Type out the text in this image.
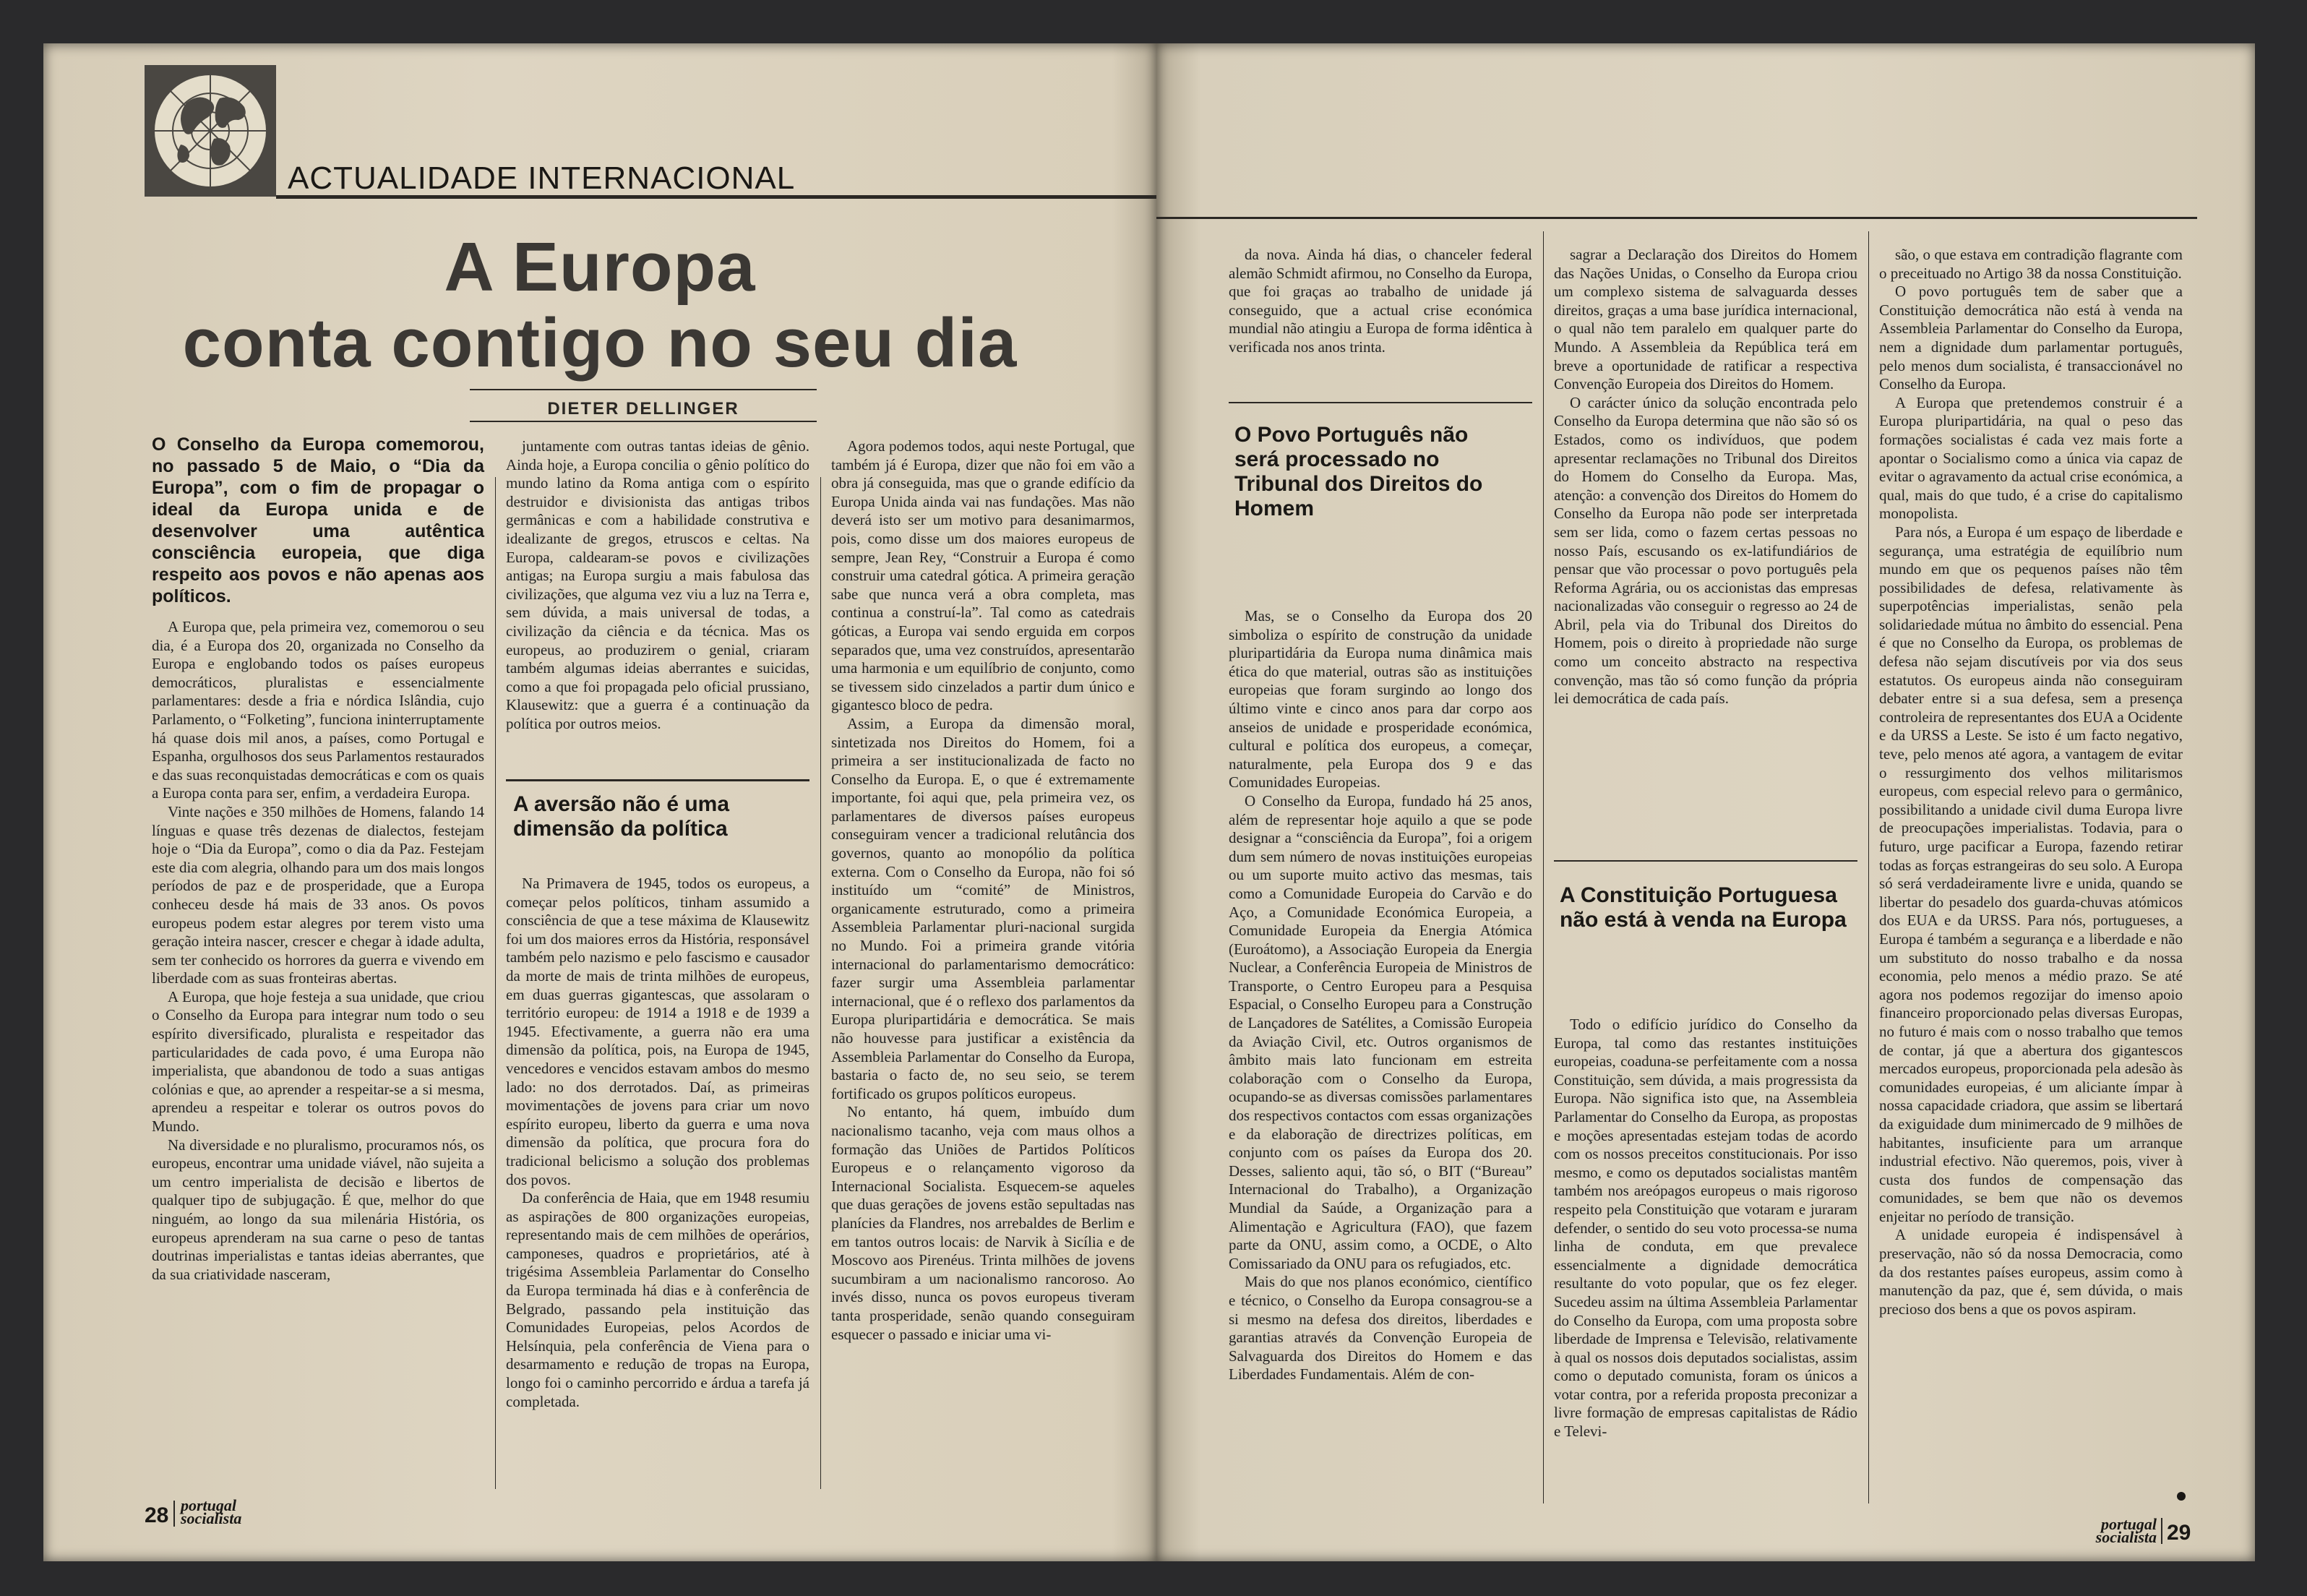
ACTUALIDADE INTERNACIONAL
A Europa
conta contigo no seu dia
DIETER DELLINGER
O Conselho da Europa comemorou, no passado 5 de Maio, o “Dia da Europa”, com o fim de propagar o ideal da Europa unida e de desenvolver uma autêntica consciência europeia, que diga respeito aos povos e não apenas aos políticos.

A Europa que, pela primeira vez, comemorou o seu dia, é a Europa dos 20, organizada no Conselho da Europa e englobando todos os países europeus democráticos, pluralistas e essencialmente parlamentares: desde a fria e nórdica Islândia, cujo Parlamento, o “Folketing”, funciona ininterruptamente há quase dois mil anos, a países, como Portugal e Espanha, orgulhosos dos seus Parlamentos restaurados e das suas reconquistadas democráticas e com os quais a Europa conta para ser, enfim, a verdadeira Europa.

Vinte nações e 350 milhões de Homens, falando 14 línguas e quase três dezenas de dialectos, festejam hoje o “Dia da Europa”, como o dia da Paz. Festejam este dia com alegria, olhando para um dos mais longos períodos de paz e de prosperidade, que a Europa conheceu desde há mais de 33 anos. Os povos europeus podem estar alegres por terem visto uma geração inteira nascer, crescer e chegar à idade adulta, sem ter conhecido os horrores da guerra e vivendo em liberdade com as suas fronteiras abertas.

A Europa, que hoje festeja a sua unidade, que criou o Conselho da Europa para integrar num todo o seu espírito diversificado, pluralista e respeitador das particularidades de cada povo, é uma Europa não imperialista, que abandonou de todo a suas antigas colónias e que, ao aprender a respeitar-se a si mesma, aprendeu a respeitar e tolerar os outros povos do Mundo.

Na diversidade e no pluralismo, procuramos nós, os europeus, encontrar uma unidade viável, não sujeita a um centro imperialista de decisão e libertos de qualquer tipo de subjugação. É que, melhor do que ninguém, ao longo da sua milenária História, os europeus aprenderam na sua carne o peso de tantas doutrinas imperialistas e tantas ideias aberrantes, que da sua criatividade nasceram,

juntamente com outras tantas ideias de gênio. Ainda hoje, a Europa concilia o gênio político do mundo latino da Roma antiga com o espírito destruidor e divisionista das antigas tribos germânicas e com a habilidade construtiva e idealizante de gregos, etruscos e celtas. Na Europa, caldearam-se povos e civilizações antigas; na Europa surgiu a mais fabulosa das civilizações, que alguma vez viu a luz na Terra e, sem dúvida, a mais universal de todas, a civilização da ciência e da técnica. Mas os europeus, ao produzirem o genial, criaram também algumas ideias aberrantes e suicidas, como a que foi propagada pelo oficial prussiano, Klausewitz: que a guerra é a continuação da política por outros meios.

A aversão não é uma dimensão da política

Na Primavera de 1945, todos os europeus, a começar pelos políticos, tinham assumido a consciência de que a tese máxima de Klausewitz foi um dos maiores erros da História, responsável também pelo nazismo e pelo fascismo e causador da morte de mais de trinta milhões de europeus, em duas guerras gigantescas, que assolaram o território europeu: de 1914 a 1918 e de 1939 a 1945. Efectivamente, a guerra não era uma dimensão da política, pois, na Europa de 1945, vencedores e vencidos estavam ambos do mesmo lado: no dos derrotados. Daí, as primeiras movimentações de jovens para criar um novo espírito europeu, liberto da guerra e uma nova dimensão da política, que procura fora do tradicional belicismo a solução dos problemas dos povos.

Da conferência de Haia, que em 1948 resumiu as aspirações de 800 organizações europeias, representando mais de cem milhões de operários, camponeses, quadros e proprietários, até à trigésima Assembleia Parlamentar do Conselho da Europa terminada há dias e à conferência de Belgrado, passando pela instituição das Comunidades Europeias, pelos Acordos de Helsínquia, pela conferência de Viena para o desarmamento e redução de tropas na Europa, longo foi o caminho percorrido e árdua a tarefa já completada.

Agora podemos todos, aqui neste Portugal, que também já é Europa, dizer que não foi em vão a obra já conseguida, mas que o grande edifício da Europa Unida ainda vai nas fundações. Mas não deverá isto ser um motivo para desanimarmos, pois, como disse um dos maiores europeus de sempre, Jean Rey, “Construir a Europa é como construir uma catedral gótica. A primeira geração sabe que nunca verá a obra completa, mas continua a construí-la”. Tal como as catedrais góticas, a Europa vai sendo erguida em corpos separados que, uma vez construídos, apresentarão uma harmonia e um equilíbrio de conjunto, como se tivessem sido cinzelados a partir dum único e gigantesco bloco de pedra.

Assim, a Europa da dimensão moral, sintetizada nos Direitos do Homem, foi a primeira a ser institucionalizada de facto no Conselho da Europa. E, o que é extremamente importante, foi aqui que, pela primeira vez, os parlamentares de diversos países europeus conseguiram vencer a tradicional relutância dos governos, quanto ao monopólio da política externa. Com o Conselho da Europa, não foi só instituído um “comité” de Ministros, organicamente estruturado, como a primeira Assembleia Parlamentar pluri-nacional surgida no Mundo. Foi a primeira grande vitória internacional do parlamentarismo democrático: fazer surgir uma Assembleia parlamentar internacional, que é o reflexo dos parlamentos da Europa pluripartidária e democrática. Se mais não houvesse para justificar a existência da Assembleia Parlamentar do Conselho da Europa, bastaria o facto de, no seu seio, se terem fortificado os grupos políticos europeus.

No entanto, há quem, imbuído dum nacionalismo tacanho, veja com maus olhos a formação das Uniões de Partidos Políticos Europeus e o relançamento vigoroso da Internacional Socialista. Esquecem-se aqueles que duas gerações de jovens estão sepultadas nas planícies da Flandres, nos arrebaldes de Berlim e em tantos outros locais: de Narvik à Sicília e de Moscovo aos Pirenéus. Trinta milhões de jovens sucumbiram a um nacionalismo rancoroso. Ao invés disso, nunca os povos europeus tiveram tanta prosperidade, senão quando conseguiram esquecer o passado e iniciar uma vi-

28 portugal
socialista

da nova. Ainda há dias, o chanceler federal alemão Schmidt afirmou, no Conselho da Europa, que foi graças ao trabalho de unidade já conseguido, que a actual crise económica mundial não atingiu a Europa de forma idêntica à verificada nos anos trinta.

O Povo Português não será processado no Tribunal dos Direitos do Homem

Mas, se o Conselho da Europa dos 20 simboliza o espírito de construção da unidade pluripartidária da Europa numa dinâmica mais ética do que material, outras são as instituições europeias que foram surgindo ao longo dos último vinte e cinco anos para dar corpo aos anseios de unidade e prosperidade económica, cultural e política dos europeus, a começar, naturalmente, pela Europa dos 9 e das Comunidades Europeias.

O Conselho da Europa, fundado há 25 anos, além de representar hoje aquilo a que se pode designar a “consciência da Europa”, foi a origem dum sem número de novas instituições europeias ou um suporte muito activo das mesmas, tais como a Comunidade Europeia do Carvão e do Aço, a Comunidade Económica Europeia, a Comunidade Europeia da Energia Atómica (Euroátomo), a Associação Europeia da Energia Nuclear, a Conferência Europeia de Ministros de Transporte, o Centro Europeu para a Pesquisa Espacial, o Conselho Europeu para a Construção de Lançadores de Satélites, a Comissão Europeia da Aviação Civil, etc. Outros organismos de âmbito mais lato funcionam em estreita colaboração com o Conselho da Europa, ocupando-se as diversas comissões parlamentares dos respectivos contactos com essas organizações e da elaboração de directrizes políticas, em conjunto com os países da Europa dos 20. Desses, saliento aqui, tão só, o BIT (“Bureau” Internacional do Trabalho), a Organização Mundial da Saúde, a Organização para a Alimentação e Agricultura (FAO), que fazem parte da ONU, assim como, a OCDE, o Alto Comissariado da ONU para os refugiados, etc.

Mais do que nos planos económico, científico e técnico, o Conselho da Europa consagrou-se a si mesmo na defesa dos direitos, liberdades e garantias através da Convenção Europeia de Salvaguarda dos Direitos do Homem e das Liberdades Fundamentais. Além de con-

sagrar a Declaração dos Direitos do Homem das Nações Unidas, o Conselho da Europa criou um complexo sistema de salvaguarda desses direitos, graças a uma base jurídica internacional, o qual não tem paralelo em qualquer parte do Mundo. A Assembleia da República terá em breve a oportunidade de ratificar a respectiva Convenção Europeia dos Direitos do Homem.

O carácter único da solução encontrada pelo Conselho da Europa determina que não são só os Estados, como os indivíduos, que podem apresentar reclamações no Tribunal dos Direitos do Homem do Conselho da Europa. Mas, atenção: a convenção dos Direitos do Homem do Conselho da Europa não pode ser interpretada sem ser lida, como o fazem certas pessoas no nosso País, escusando os ex-latifundiários de pensar que vão processar o povo português pela Reforma Agrária, ou os accionistas das empresas nacionalizadas vão conseguir o regresso ao 24 de Abril, pela via do Tribunal dos Direitos do Homem, pois o direito à propriedade não surge como um conceito abstracto na respectiva convenção, mas tão só como função da própria lei democrática de cada país.

A Constituição Portuguesa não está à venda na Europa

Todo o edifício jurídico do Conselho da Europa, tal como das restantes instituições europeias, coaduna-se perfeitamente com a nossa Constituição, sem dúvida, a mais progressista da Europa. Não significa isto que, na Assembleia Parlamentar do Conselho da Europa, as propostas e moções apresentadas estejam todas de acordo com os nossos preceitos constitucionais. Por isso mesmo, e como os deputados socialistas mantêm também nos areópagos europeus o mais rigoroso respeito pela Constituição que votaram e juraram defender, o sentido do seu voto processa-se numa linha de conduta, em que prevalece essencialmente a dignidade democrática resultante do voto popular, que os fez eleger. Sucedeu assim na última Assembleia Parlamentar do Conselho da Europa, com uma proposta sobre liberdade de Imprensa e Televisão, relativamente à qual os nossos dois deputados socialistas, assim como o deputado comunista, foram os únicos a votar contra, por a referida proposta preconizar a livre formação de empresas capitalistas de Rádio e Televi-

são, o que estava em contradição flagrante com o preceituado no Artigo 38 da nossa Constituição.

O povo português tem de saber que a Constituição democrática não está à venda na Assembleia Parlamentar do Conselho da Europa, nem a dignidade dum parlamentar português, pelo menos dum socialista, é transaccionável no Conselho da Europa.

A Europa que pretendemos construir é a Europa pluripartidária, na qual o peso das formações socialistas é cada vez mais forte a apontar o Socialismo como a única via capaz de evitar o agravamento da actual crise económica, a qual, mais do que tudo, é a crise do capitalismo monopolista.

Para nós, a Europa é um espaço de liberdade e segurança, uma estratégia de equilíbrio num mundo em que os pequenos países não têm possibilidades de defesa, relativamente às superpotências imperialistas, senão pela solidariedade mútua no âmbito do essencial. Pena é que no Conselho da Europa, os problemas de defesa não sejam discutíveis por via dos seus estatutos. Os europeus ainda não conseguiram debater entre si a sua defesa, sem a presença controleira de representantes dos EUA a Ocidente e da URSS a Leste. Se isto é um facto negativo, teve, pelo menos até agora, a vantagem de evitar o ressurgimento dos velhos militarismos europeus, com especial relevo para o germânico, possibilitando a unidade civil duma Europa livre de preocupações imperialistas. Todavia, para o futuro, urge pacificar a Europa, fazendo retirar todas as forças estrangeiras do seu solo. A Europa só será verdadeiramente livre e unida, quando se libertar do pesadelo dos guarda-chuvas atómicos dos EUA e da URSS. Para nós, portugueses, a Europa é também a segurança e a liberdade e não um substituto do nosso trabalho e da nossa economia, pelo menos a médio prazo. Se até agora nos podemos regozijar do imenso apoio financeiro proporcionado pelas diversas Europas, no futuro é mais com o nosso trabalho que temos de contar, já que a abertura dos gigantescos mercados europeus, proporcionada pela adesão às comunidades europeias, é um aliciante ímpar à nossa capacidade criadora, que assim se libertará da exiguidade dum minimercado de 9 milhões de habitantes, insuficiente para um arranque industrial efectivo. Não queremos, pois, viver à custa dos fundos de compensação das comunidades, se bem que não os devemos enjeitar no período de transição.

A unidade europeia é indispensável à preservação, não só da nossa Democracia, como da dos restantes países europeus, assim como à manutenção da paz, que é, sem dúvida, o mais precioso dos bens a que os povos aspiram.

portugal
socialista 29
